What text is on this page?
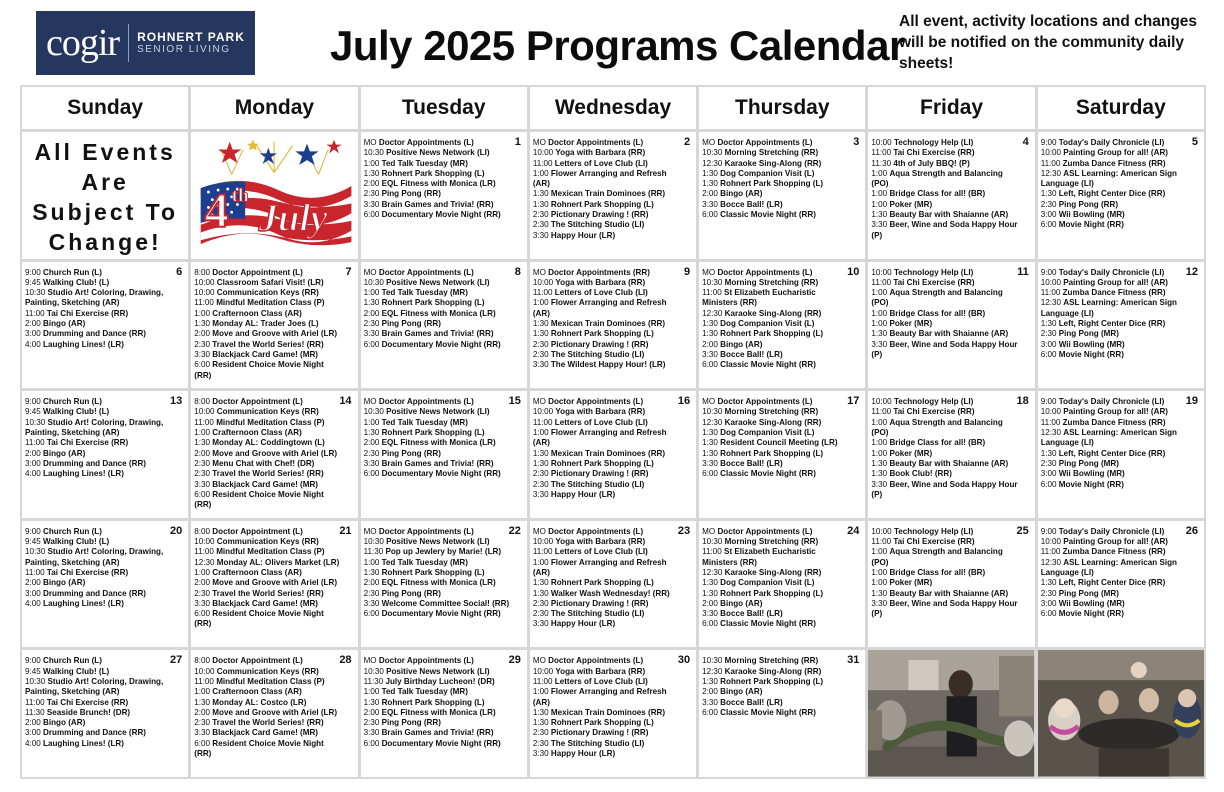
cogir ROHNERT PARK
SENIOR LIVING	July 2025 Programs Calendar
All event, activity locations and changes will be notified on the community daily sheets!
Sunday	Monday	Tuesday	Wednesday	Thursday	Friday	Saturday
All Events Are Subject To Change!
4 th
July
1
MO Doctor Appointments (L)
10:30 Positive News Network (LI)
1:00 Ted Talk Tuesday (MR)
1:30 Rohnert Park Shopping (L)
2:00 EQL Fitness with Monica (LR)
2:30 Ping Pong (RR)
3:30 Brain Games and Trivia! (RR)
6:00 Documentary Movie Night (RR)
2
MO Doctor Appointments (L)
10:00 Yoga with Barbara (RR)
11:00 Letters of Love Club (LI)
1:00 Flower Arranging and Refresh (AR)
1:30 Mexican Train Dominoes (RR)
1:30 Rohnert Park Shopping (L)
2:30 Pictionary Drawing ! (RR)
2:30 The Stitching Studio (LI)
3:30 Happy Hour (LR)
3
MO Doctor Appointments (L)
10:30 Morning Stretching (RR)
12:30 Karaoke Sing-Along (RR)
1:30 Dog Companion Visit (L)
1:30 Rohnert Park Shopping (L)
2:00 Bingo (AR)
3:30 Bocce Ball! (LR)
6:00 Classic Movie Night (RR)
4
10:00 Technology Help (LI)
11:00 Tai Chi Exercise (RR)
11:30 4th of July BBQ! (P)
1:00 Aqua Strength and Balancing (PO)
1:00 Bridge Class for all! (BR)
1:00 Poker (MR)
1:30 Beauty Bar with Shaianne (AR)
3:30 Beer, Wine and Soda Happy Hour (P)
5
9:00 Today's Daily Chronicle (LI)
10:00 Painting Group for all! (AR)
11:00 Zumba Dance Fitness (RR)
12:30 ASL Learning: American Sign Language (LI)
1:30 Left, Right Center Dice (RR)
2:30 Ping Pong (RR)
3:00 Wii Bowling (MR)
6:00 Movie Night (RR)
6
9:00 Church Run (L)
9:45 Walking Club! (L)
10:30 Studio Art! Coloring, Drawing, Painting, Sketching (AR)
11:00 Tai Chi Exercise (RR)
2:00 Bingo (AR)
3:00 Drumming and Dance (RR)
4:00 Laughing Lines! (LR)
7
8:00 Doctor Appointment (L)
10:00 Classroom Safari Visit! (LR)
10:00 Communication Keys (RR)
11:00 Mindful Meditation Class (P)
1:00 Crafternoon Class (AR)
1:30 Monday AL: Trader Joes (L)
2:00 Move and Groove with Ariel (LR)
2:30 Travel the World Series! (RR)
3:30 Blackjack Card Game! (MR)
6:00 Resident Choice Movie Night (RR)
8
MO Doctor Appointments (L)
10:30 Positive News Network (LI)
1:00 Ted Talk Tuesday (MR)
1:30 Rohnert Park Shopping (L)
2:00 EQL Fitness with Monica (LR)
2:30 Ping Pong (RR)
3:30 Brain Games and Trivia! (RR)
6:00 Documentary Movie Night (RR)
9
MO Doctor Appointments (RR)
10:00 Yoga with Barbara (RR)
11:00 Letters of Love Club (LI)
1:00 Flower Arranging and Refresh (AR)
1:30 Mexican Train Dominoes (RR)
1:30 Rohnert Park Shopping (L)
2:30 Pictionary Drawing ! (RR)
2:30 The Stitching Studio (LI)
3:30 The Wildest Happy Hour! (LR)
10
MO Doctor Appointments (L)
10:30 Morning Stretching (RR)
11:00 St Elizabeth Eucharistic Ministers (RR)
12:30 Karaoke Sing-Along (RR)
1:30 Dog Companion Visit (L)
1:30 Rohnert Park Shopping (L)
2:00 Bingo (AR)
3:30 Bocce Ball! (LR)
6:00 Classic Movie Night (RR)
11
10:00 Technology Help (LI)
11:00 Tai Chi Exercise (RR)
1:00 Aqua Strength and Balancing (PO)
1:00 Bridge Class for all! (BR)
1:00 Poker (MR)
1:30 Beauty Bar with Shaianne (AR)
3:30 Beer, Wine and Soda Happy Hour (P)
12
9:00 Today's Daily Chronicle (LI)
10:00 Painting Group for all! (AR)
11:00 Zumba Dance Fitness (RR)
12:30 ASL Learning: American Sign Language (LI)
1:30 Left, Right Center Dice (RR)
2:30 Ping Pong (MR)
3:00 Wii Bowling (MR)
6:00 Movie Night (RR)
13
9:00 Church Run (L)
9:45 Walking Club! (L)
10:30 Studio Art! Coloring, Drawing, Painting, Sketching (AR)
11:00 Tai Chi Exercise (RR)
2:00 Bingo (AR)
3:00 Drumming and Dance (RR)
4:00 Laughing Lines! (LR)
14
8:00 Doctor Appointment (L)
10:00 Communication Keys (RR)
11:00 Mindful Meditation Class (P)
1:00 Crafternoon Class (AR)
1:30 Monday AL: Coddingtown (L)
2:00 Move and Groove with Ariel (LR)
2:30 Menu Chat with Chef! (DR)
2:30 Travel the World Series! (RR)
3:30 Blackjack Card Game! (MR)
6:00 Resident Choice Movie Night (RR)
15
MO Doctor Appointments (L)
10:30 Positive News Network (LI)
1:00 Ted Talk Tuesday (MR)
1:30 Rohnert Park Shopping (L)
2:00 EQL Fitness with Monica (LR)
2:30 Ping Pong (RR)
3:30 Brain Games and Trivia! (RR)
6:00 Documentary Movie Night (RR)
16
MO Doctor Appointments (L)
10:00 Yoga with Barbara (RR)
11:00 Letters of Love Club (LI)
1:00 Flower Arranging and Refresh (AR)
1:30 Mexican Train Dominoes (RR)
1:30 Rohnert Park Shopping (L)
2:30 Pictionary Drawing ! (RR)
2:30 The Stitching Studio (LI)
3:30 Happy Hour (LR)
17
MO Doctor Appointments (L)
10:30 Morning Stretching (RR)
12:30 Karaoke Sing-Along (RR)
1:30 Dog Companion Visit (L)
1:30 Resident Council Meeting (LR)
1:30 Rohnert Park Shopping (L)
3:30 Bocce Ball! (LR)
6:00 Classic Movie Night (RR)
18
10:00 Technology Help (LI)
11:00 Tai Chi Exercise (RR)
1:00 Aqua Strength and Balancing (PO)
1:00 Bridge Class for all! (BR)
1:00 Poker (MR)
1:30 Beauty Bar with Shaianne (AR)
1:30 Book Club! (RR)
3:30 Beer, Wine and Soda Happy Hour (P)
19
9:00 Today's Daily Chronicle (LI)
10:00 Painting Group for all! (AR)
11:00 Zumba Dance Fitness (RR)
12:30 ASL Learning: American Sign Language (LI)
1:30 Left, Right Center Dice (RR)
2:30 Ping Pong (MR)
3:00 Wii Bowling (MR)
6:00 Movie Night (RR)
20
9:00 Church Run (L)
9:45 Walking Club! (L)
10:30 Studio Art! Coloring, Drawing, Painting, Sketching (AR)
11:00 Tai Chi Exercise (RR)
2:00 Bingo (AR)
3:00 Drumming and Dance (RR)
4:00 Laughing Lines! (LR)
21
8:00 Doctor Appointment (L)
10:00 Communication Keys (RR)
11:00 Mindful Meditation Class (P)
12:30 Monday AL: Olivers Market (LR)
1:00 Crafternoon Class (AR)
2:00 Move and Groove with Ariel (LR)
2:30 Travel the World Series! (RR)
3:30 Blackjack Card Game! (MR)
6:00 Resident Choice Movie Night (RR)
22
MO Doctor Appointments (L)
10:30 Positive News Network (LI)
11:30 Pop up Jewlery by Marie! (LR)
1:00 Ted Talk Tuesday (MR)
1:30 Rohnert Park Shopping (L)
2:00 EQL Fitness with Monica (LR)
2:30 Ping Pong (RR)
3:30 Welcome Committee Social! (RR)
6:00 Documentary Movie Night (RR)
23
MO Doctor Appointments (L)
10:00 Yoga with Barbara (RR)
11:00 Letters of Love Club (LI)
1:00 Flower Arranging and Refresh (AR)
1:30 Rohnert Park Shopping (L)
1:30 Walker Wash Wednesday! (RR)
2:30 Pictionary Drawing ! (RR)
2:30 The Stitching Studio (LI)
3:30 Happy Hour (LR)
24
MO Doctor Appointments (L)
10:30 Morning Stretching (RR)
11:00 St Elizabeth Eucharistic Ministers (RR)
12:30 Karaoke Sing-Along (RR)
1:30 Dog Companion Visit (L)
1:30 Rohnert Park Shopping (L)
2:00 Bingo (AR)
3:30 Bocce Ball! (LR)
6:00 Classic Movie Night (RR)
25
10:00 Technology Help (LI)
11:00 Tai Chi Exercise (RR)
1:00 Aqua Strength and Balancing (PO)
1:00 Bridge Class for all! (BR)
1:00 Poker (MR)
1:30 Beauty Bar with Shaianne (AR)
3:30 Beer, Wine and Soda Happy Hour (P)
26
9:00 Today's Daily Chronicle (LI)
10:00 Painting Group for all! (AR)
11:00 Zumba Dance Fitness (RR)
12:30 ASL Learning: American Sign Language (LI)
1:30 Left, Right Center Dice (RR)
2:30 Ping Pong (MR)
3:00 Wii Bowling (MR)
6:00 Movie Night (RR)
27
9:00 Church Run (L)
9:45 Walking Club! (L)
10:30 Studio Art! Coloring, Drawing, Painting, Sketching (AR)
11:00 Tai Chi Exercise (RR)
11:30 Seaside Brunch! (DR)
2:00 Bingo (AR)
3:00 Drumming and Dance (RR)
4:00 Laughing Lines! (LR)
28
8:00 Doctor Appointment (L)
10:00 Communication Keys (RR)
11:00 Mindful Meditation Class (P)
1:00 Crafternoon Class (AR)
1:30 Monday AL: Costco (LR)
2:00 Move and Groove with Ariel (LR)
2:30 Travel the World Series! (RR)
3:30 Blackjack Card Game! (MR)
6:00 Resident Choice Movie Night (RR)
29
MO Doctor Appointments (L)
10:30 Positive News Network (LI)
11:30 July Birthday Lucheon! (DR)
1:00 Ted Talk Tuesday (MR)
1:30 Rohnert Park Shopping (L)
2:00 EQL Fitness with Monica (LR)
2:30 Ping Pong (RR)
3:30 Brain Games and Trivia! (RR)
6:00 Documentary Movie Night (RR)
30
MO Doctor Appointments (L)
10:00 Yoga with Barbara (RR)
11:00 Letters of Love Club (LI)
1:00 Flower Arranging and Refresh (AR)
1:30 Mexican Train Dominoes (RR)
1:30 Rohnert Park Shopping (L)
2:30 Pictionary Drawing ! (RR)
2:30 The Stitching Studio (LI)
3:30 Happy Hour (LR)
31
10:30 Morning Stretching (RR)
12:30 Karaoke Sing-Along (RR)
1:30 Rohnert Park Shopping (L)
2:00 Bingo (AR)
3:30 Bocce Ball! (LR)
6:00 Classic Movie Night (RR)
